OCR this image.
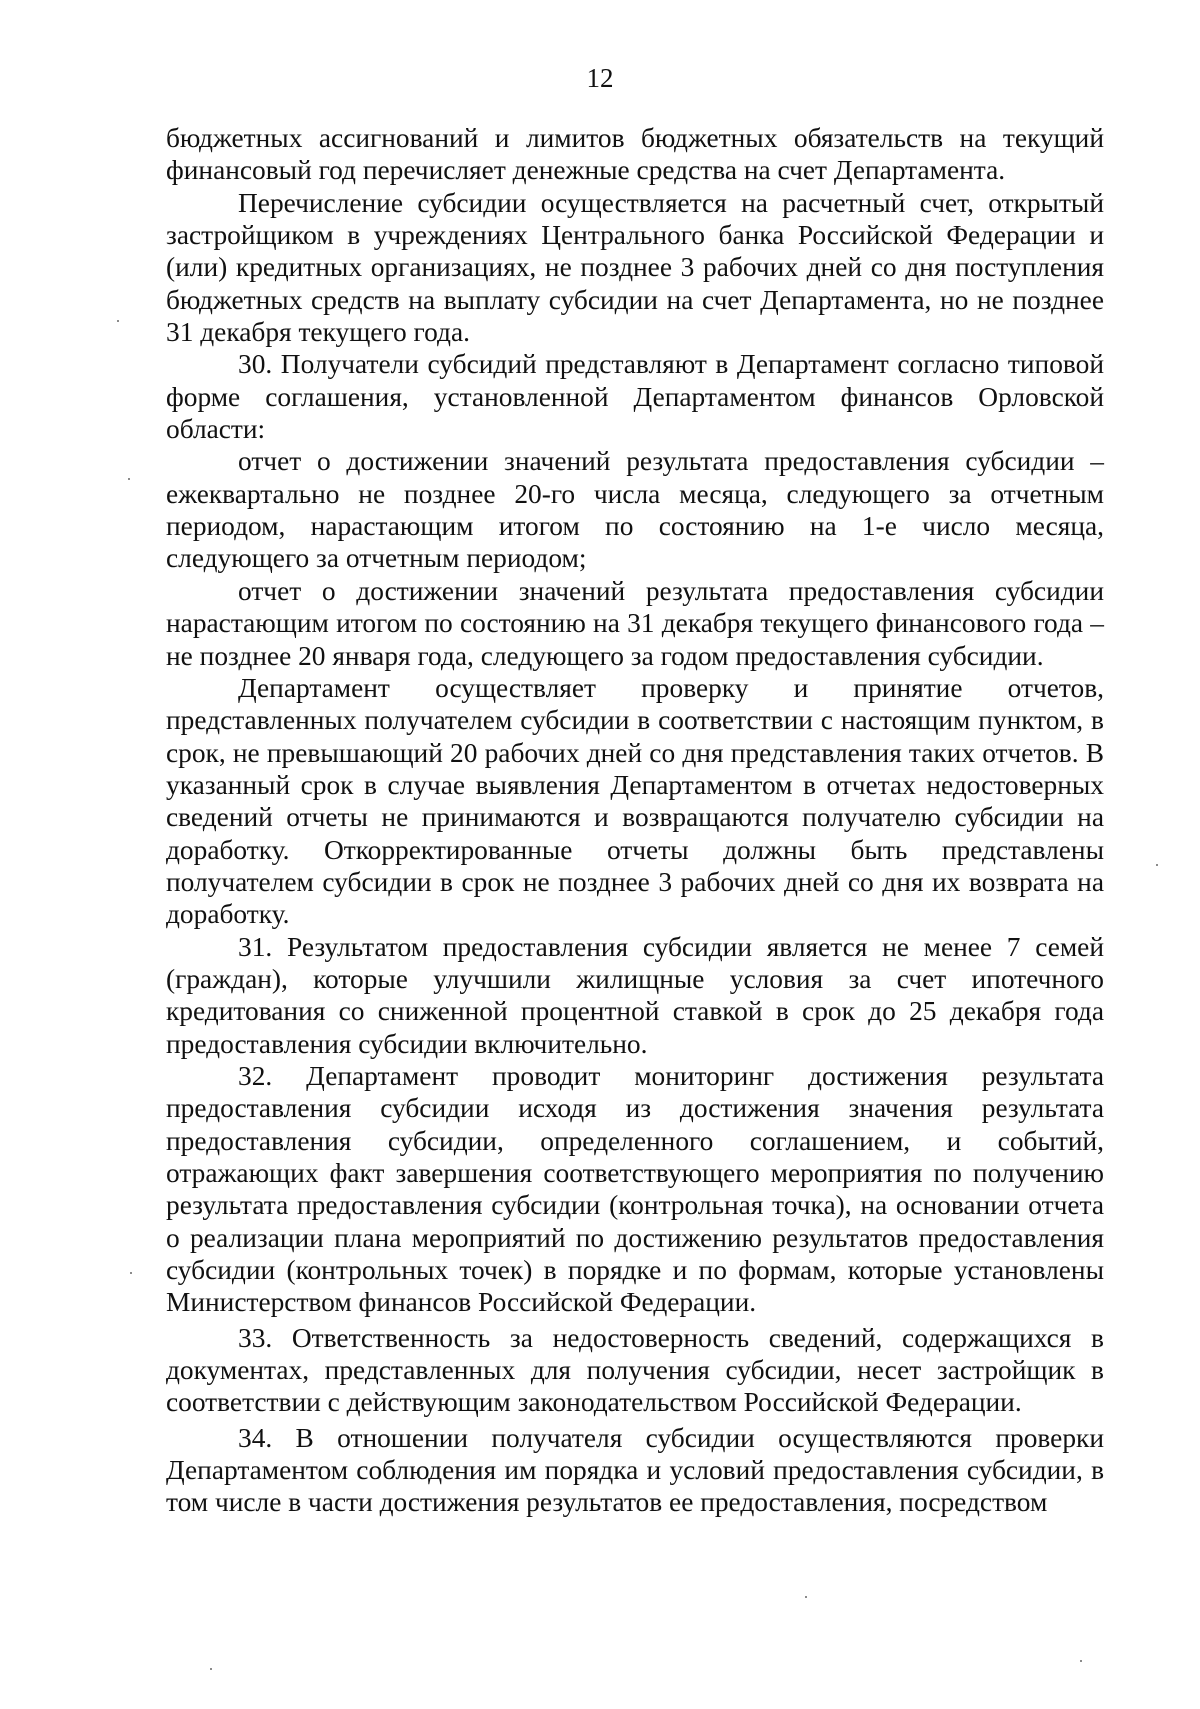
12

бюджетных ассигнований и лимитов бюджетных обязательств на текущий финансовый год перечисляет денежные средства на счет Департамента.

Перечисление субсидии осуществляется на расчетный счет, открытый застройщиком в учреждениях Центрального банка Российской Федерации и (или) кредитных организациях, не позднее 3 рабочих дней со дня поступления бюджетных средств на выплату субсидии на счет Департамента, но не позднее 31 декабря текущего года.

30. Получатели субсидий представляют в Департамент согласно типовой форме соглашения, установленной Департаментом финансов Орловской области:

отчет о достижении значений результата предоставления субсидии – ежеквартально не позднее 20-го числа месяца, следующего за отчетным периодом, нарастающим итогом по состоянию на 1-е число месяца, следующего за отчетным периодом;

отчет о достижении значений результата предоставления субсидии нарастающим итогом по состоянию на 31 декабря текущего финансового года – не позднее 20 января года, следующего за годом предоставления субсидии.

Департамент осуществляет проверку и принятие отчетов, представленных получателем субсидии в соответствии с настоящим пунктом, в срок, не превышающий 20 рабочих дней со дня представления таких отчетов. В указанный срок в случае выявления Департаментом в отчетах недостоверных сведений отчеты не принимаются и возвращаются получателю субсидии на доработку. Откорректированные отчеты должны быть представлены получателем субсидии в срок не позднее 3 рабочих дней со дня их возврата на доработку.

31. Результатом предоставления субсидии является не менее 7 семей (граждан), которые улучшили жилищные условия за счет ипотечного кредитования со сниженной процентной ставкой в срок до 25 декабря года предоставления субсидии включительно.

32. Департамент проводит мониторинг достижения результата предоставления субсидии исходя из достижения значения результата предоставления субсидии, определенного соглашением, и событий, отражающих факт завершения соответствующего мероприятия по получению результата предоставления субсидии (контрольная точка), на основании отчета о реализации плана мероприятий по достижению результатов предоставления субсидии (контрольных точек) в порядке и по формам, которые установлены Министерством финансов Российской Федерации.

33. Ответственность за недостоверность сведений, содержащихся в документах, представленных для получения субсидии, несет застройщик в соответствии с действующим законодательством Российской Федерации.

34. В отношении получателя субсидии осуществляются проверки Департаментом соблюдения им порядка и условий предоставления субсидии, в том числе в части достижения результатов ее предоставления, посредством
